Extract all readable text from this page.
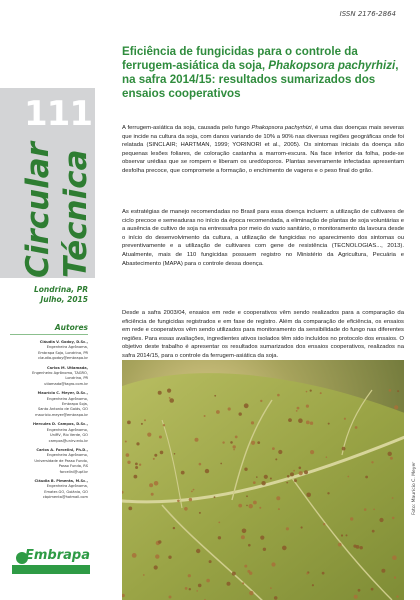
111
Circular Técnica
Londrina, PR
Julho, 2015
Autores
Cláudia V. Godoy, D.Sc.,
Engenheira Agrônoma,
Embrapa Soja, Londrina, PR
claudia.godoy@embrapa.br
Carlos M. Utiamada,
Engenheiro Agrônomo, TAGRO,
Londrina, PR
utiamada@tagro.com.br
Maurício C. Meyer, D.Sc.,
Engenheiro Agrônomo,
Embrapa Soja,
Santo Antonio de Goiás, GO
mauricio.meyer@embrapa.br
Hercules D. Campos, D.Sc.,
Engenheiro Agrônomo,
UniRV, Rio Verde, GO
campos@unirv.edu.br
Carlos A. Forcelini, Ph.D.,
Engenheiro Agrônomo,
Universidade de Passo Fundo,
Passo Fundo, RS
forcelini@upf.br
Cláudia B. Pimenta, M.Sc.,
Engenheira Agrônoma,
Emater-GO, Goiânia, GO
cbpimenta@hotmail.com
Embrapa
ISSN 2176-2864
Eficiência de fungicidas para o controle da ferrugem-asiática da soja, Phakopsora pachyrhizi, na safra 2014/15: resultados sumarizados dos ensaios cooperativos

A ferrugem-asiática da soja, causada pelo fungo Phakopsora pachyrhizi, é uma das doenças mais severas que incide na cultura da soja, com danos variando de 10% a 90% nas diversas regiões geográficas onde foi relatada (SINCLAIR; HARTMAN, 1999; YORINORI et al., 2005). Os sintomas iniciais da doença são pequenas lesões foliares, de coloração castanha a marrom-escura. Na face inferior da folha, pode-se observar urédias que se rompem e liberam os uredósporos. Plantas severamente infectadas apresentam desfolha precoce, que compromete a formação, o enchimento de vagens e o peso final do grão.

As estratégias de manejo recomendadas no Brasil para essa doença incluem: a utilização de cultivares de ciclo precoce e semeaduras no início da época recomendada, a eliminação de plantas de soja voluntárias e a ausência de cultivo de soja na entressafra por meio do vazio sanitário, o monitoramento da lavoura desde o início do desenvolvimento da cultura, a utilização de fungicidas no aparecimento dos sintomas ou preventivamente e a utilização de cultivares com gene de resistência (TECNOLOGIAS..., 2013). Atualmente, mais de 110 fungicidas possuem registro no Ministério da Agricultura, Pecuária e Abastecimento (MAPA) para o controle dessa doença.

Desde a safra 2003/04, ensaios em rede e cooperativos vêm sendo realizados para a comparação da eficiência de fungicidas registrados e em fase de registro. Além da comparação de eficiência, os ensaios em rede e cooperativos vêm sendo utilizados para monitoramento da sensibilidade do fungo nas diferentes regiões. Para essas avaliações, ingredientes ativos isolados têm sido incluídos no protocolo dos ensaios. O objetivo deste trabalho é apresentar os resultados sumarizados dos ensaios cooperativos, realizados na safra 2014/15, para o controle da ferrugem-asiática da soja.

Foto: Maurício C. Meyer
